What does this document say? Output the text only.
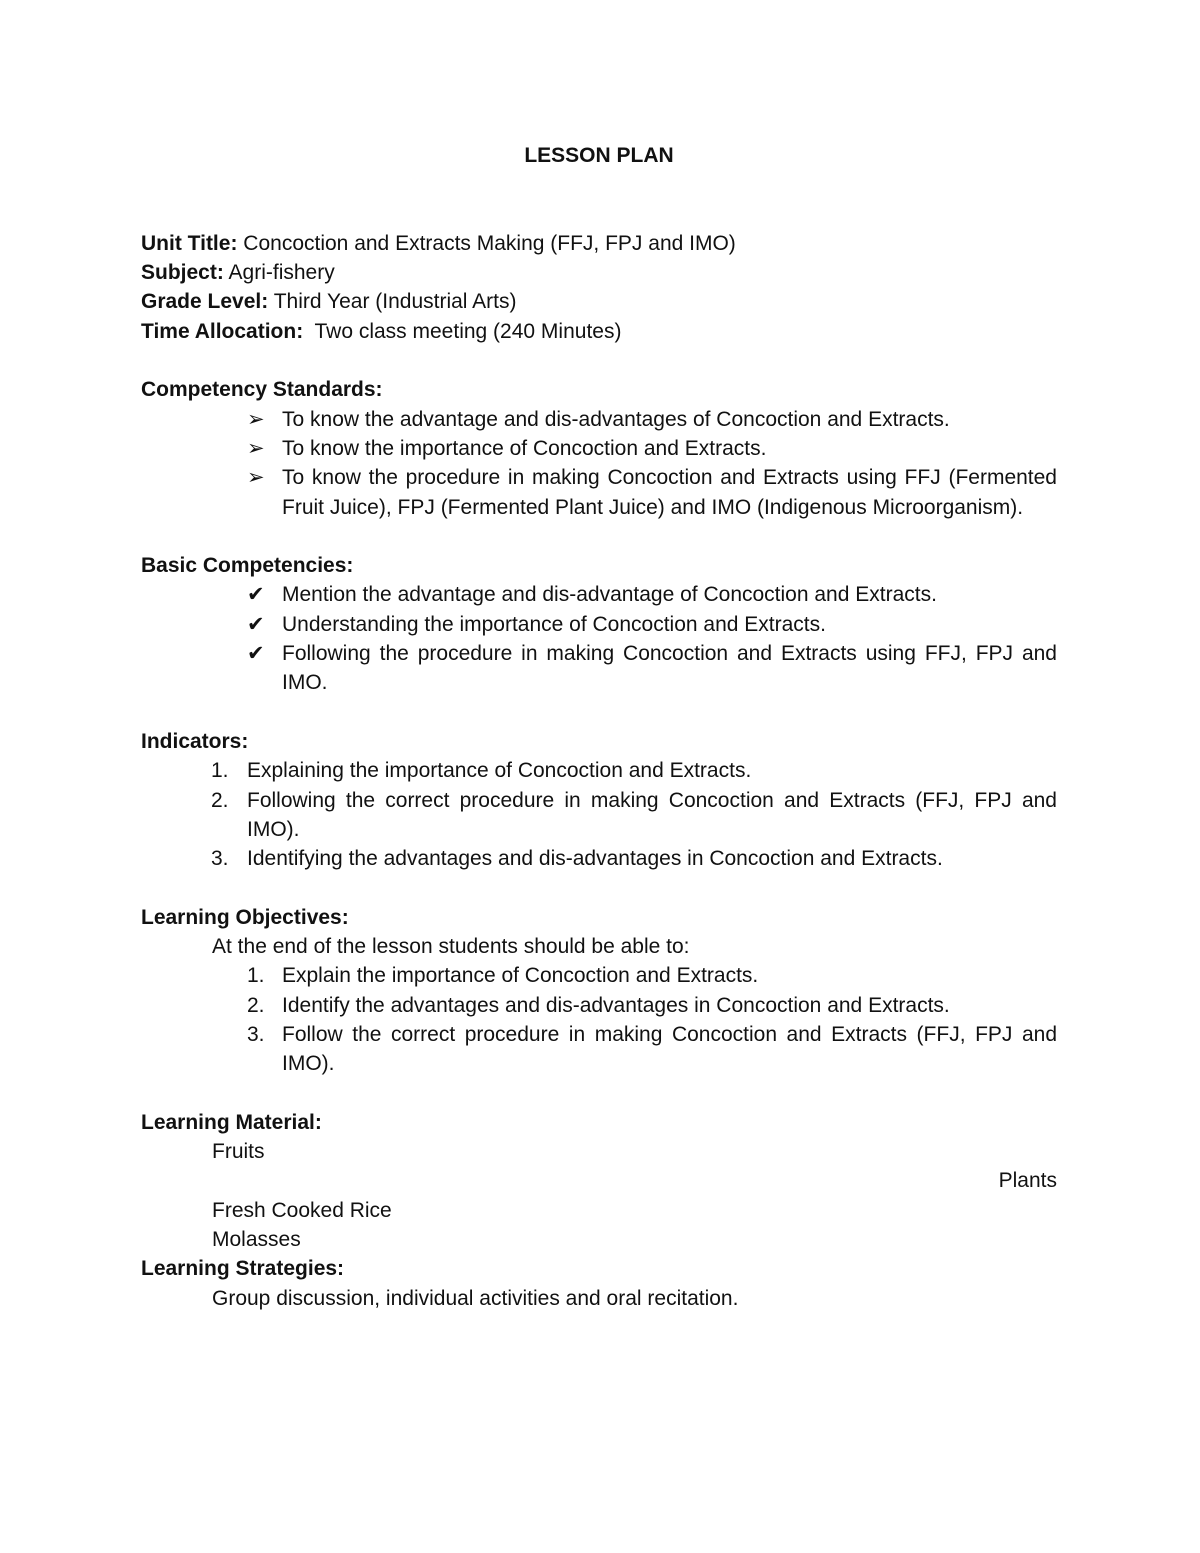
LESSON PLAN
Unit Title: Concoction and Extracts Making (FFJ, FPJ and IMO)
Subject: Agri-fishery
Grade Level: Third Year (Industrial Arts)
Time Allocation: Two class meeting (240 Minutes)
Competency Standards:
➢ To know the advantage and dis-advantages of Concoction and Extracts.
➢ To know the importance of Concoction and Extracts.
➢ To know the procedure in making Concoction and Extracts using FFJ (Fermented Fruit Juice), FPJ (Fermented Plant Juice) and IMO (Indigenous Microorganism).
Basic Competencies:
✔ Mention the advantage and dis-advantage of Concoction and Extracts.
✔ Understanding the importance of Concoction and Extracts.
✔ Following the procedure in making Concoction and Extracts using FFJ, FPJ and IMO.
Indicators:
1. Explaining the importance of Concoction and Extracts.
2. Following the correct procedure in making Concoction and Extracts (FFJ, FPJ and IMO).
3. Identifying the advantages and dis-advantages in Concoction and Extracts.
Learning Objectives:
At the end of the lesson students should be able to:
1. Explain the importance of Concoction and Extracts.
2. Identify the advantages and dis-advantages in Concoction and Extracts.
3. Follow the correct procedure in making Concoction and Extracts (FFJ, FPJ and IMO).
Learning Material:
Fruits
Plants
Fresh Cooked Rice
Molasses
Learning Strategies:
Group discussion, individual activities and oral recitation.
